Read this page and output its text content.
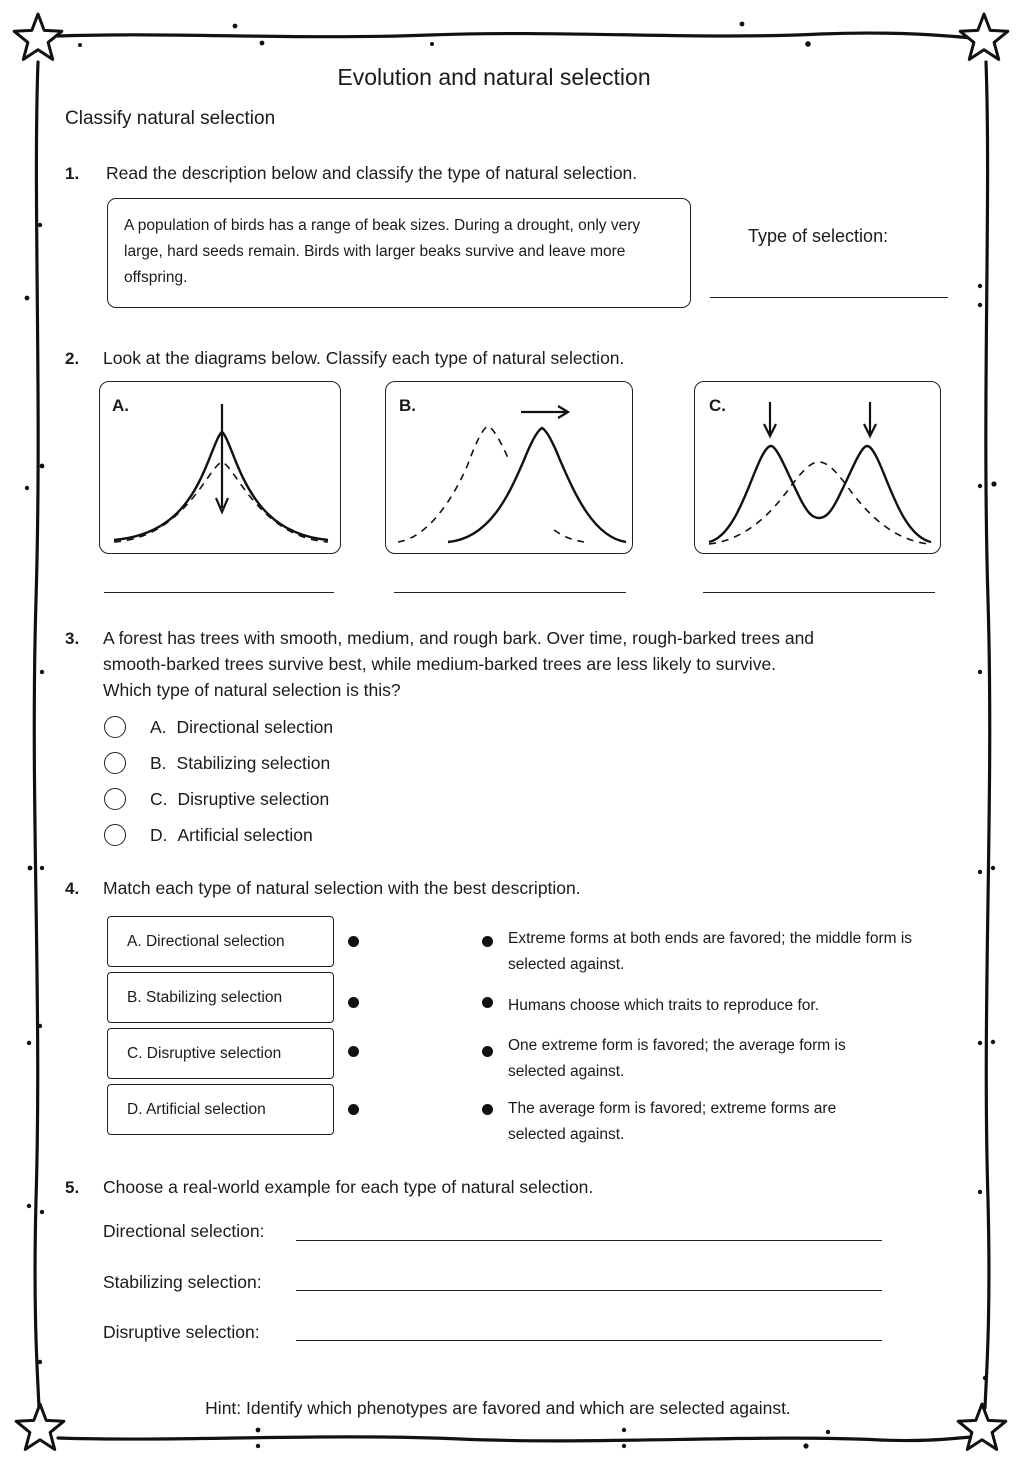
Evolution and natural selection
Classify natural selection
1. Read the description below and classify the type of natural selection.
A population of birds has a range of beak sizes. During a drought, only very large, hard seeds remain. Birds with larger beaks survive and leave more offspring.
Type of selection:
2. Look at the diagrams below. Classify each type of natural selection.
A.	B.	C.
3. A forest has trees with smooth, medium, and rough bark. Over time, rough-barked trees and
smooth-barked trees survive best, while medium-barked trees are less likely to survive.
Which type of natural selection is this?
A. Directional selection
B. Stabilizing selection
C. Disruptive selection
D. Artificial selection
4. Match each type of natural selection with the best description.
A. Directional selection
B. Stabilizing selection
C. Disruptive selection
D. Artificial selection
Extreme forms at both ends are favored; the middle form is selected against.
Humans choose which traits to reproduce for.
One extreme form is favored; the average form is selected against.
The average form is favored; extreme forms are selected against.
5. Choose a real-world example for each type of natural selection.
Directional selection:
Stabilizing selection:
Disruptive selection:
Hint: Identify which phenotypes are favored and which are selected against.
